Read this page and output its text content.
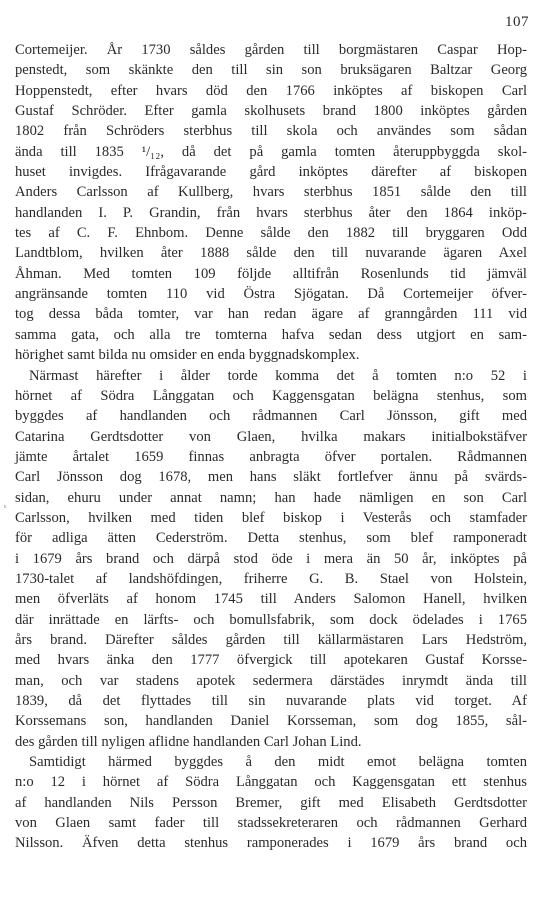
107
ᵋ
Cortemeijer. År 1730 såldes gården till borgmästaren Caspar Hop-
penstedt, som skänkte den till sin son bruksägaren Baltzar Georg
Hoppenstedt, efter hvars död den 1766 inköptes af biskopen Carl
Gustaf Schröder. Efter gamla skolhusets brand 1800 inköptes gården
1802 från Schröders sterbhus till skola och användes som sådan
ända till 1835 ¹/₁₂, då det på gamla tomten återuppbyggda skol-
huset invigdes. Ifrågavarande gård inköptes därefter af biskopen
Anders Carlsson af Kullberg, hvars sterbhus 1851 sålde den till
handlanden I. P. Grandin, från hvars sterbhus åter den 1864 inköp-
tes af C. F. Ehnbom. Denne sålde den 1882 till bryggaren Odd
Landtblom, hvilken åter 1888 sålde den till nuvarande ägaren Axel
Åhman. Med tomten 109 följde alltifrån Rosenlunds tid jämväl
angränsande tomten 110 vid Östra Sjögatan. Då Cortemeijer öfver-
tog dessa båda tomter, var han redan ägare af granngården 111 vid
samma gata, och alla tre tomterna hafva sedan dess utgjort en sam-
hörighet samt bilda nu omsider en enda byggnadskomplex.
Närmast härefter i ålder torde komma det å tomten n:o 52 i
hörnet af Södra Långgatan och Kaggensgatan belägna stenhus, som
byggdes af handlanden och rådmannen Carl Jönsson, gift med
Catarina Gerdtsdotter von Glaen, hvilka makars initialbokstäfver
jämte årtalet 1659 finnas anbragta öfver portalen. Rådmannen
Carl Jönsson dog 1678, men hans släkt fortlefver ännu på svärds-
sidan, ehuru under annat namn; han hade nämligen en son Carl
Carlsson, hvilken med tiden blef biskop i Vesterås och stamfader
för adliga ätten Cederström. Detta stenhus, som blef ramponeradt
i 1679 års brand och därpå stod öde i mera än 50 år, inköptes på
1730-talet af landshöfdingen, friherre G. B. Stael von Holstein,
men öfverläts af honom 1745 till Anders Salomon Hanell, hvilken
där inrättade en lärfts- och bomullsfabrik, som dock ödelades i 1765
års brand. Därefter såldes gården till källarmästaren Lars Hedström,
med hvars änka den 1777 öfvergick till apotekaren Gustaf Korsse-
man, och var stadens apotek sedermera därstädes inrymdt ända till
1839, då det flyttades till sin nuvarande plats vid torget. Af
Korssemans son, handlanden Daniel Korsseman, som dog 1855, sål-
des gården till nyligen aflidne handlanden Carl Johan Lind.
Samtidigt härmed byggdes å den midt emot belägna tomten
n:o 12 i hörnet af Södra Långgatan och Kaggensgatan ett stenhus
af handlanden Nils Persson Bremer, gift med Elisabeth Gerdtsdotter
von Glaen samt fader till stadssekreteraren och rådmannen Gerhard
Nilsson. Äfven detta stenhus ramponerades i 1679 års brand och
